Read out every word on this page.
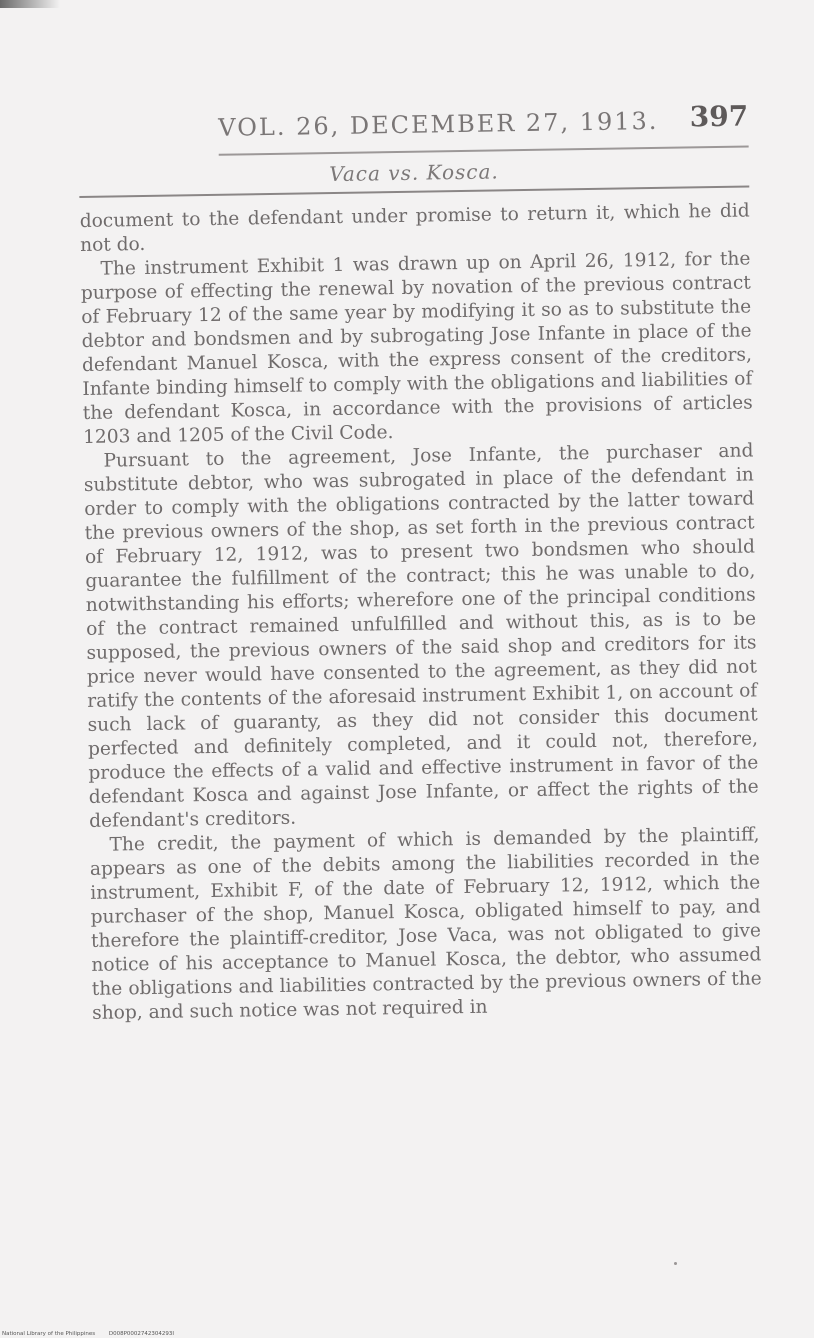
VOL. 26, DECEMBER 27, 1913. 397
Vaca vs. Kosca.

document to the defendant under promise to return it, which he did not do.

The instrument Exhibit 1 was drawn up on April 26, 1912, for the purpose of effecting the renewal by novation of the previous contract of February 12 of the same year by modifying it so as to substitute the debtor and bondsmen and by subrogating Jose Infante in place of the defendant Manuel Kosca, with the express consent of the creditors, Infante binding himself to comply with the obligations and liabilities of the defendant Kosca, in accordance with the provisions of articles 1203 and 1205 of the Civil Code.

Pursuant to the agreement, Jose Infante, the purchaser and substitute debtor, who was subrogated in place of the defendant in order to comply with the obligations contracted by the latter toward the previous owners of the shop, as set forth in the previous contract of February 12, 1912, was to present two bondsmen who should guarantee the fulfillment of the contract; this he was unable to do, notwithstanding his efforts; wherefore one of the principal conditions of the contract remained unfulfilled and without this, as is to be supposed, the previous owners of the said shop and creditors for its price never would have consented to the agreement, as they did not ratify the contents of the aforesaid instrument Exhibit 1, on account of such lack of guaranty, as they did not consider this document perfected and definitely completed, and it could not, therefore, produce the effects of a valid and effective instrument in favor of the defendant Kosca and against Jose Infante, or affect the rights of the defendant's creditors.

The credit, the payment of which is demanded by the plaintiff, appears as one of the debits among the liabilities recorded in the instrument, Exhibit F, of the date of February 12, 1912, which the purchaser of the shop, Manuel Kosca, obligated himself to pay, and therefore the plaintiff-creditor, Jose Vaca, was not obligated to give notice of his acceptance to Manuel Kosca, the debtor, who assumed the obligations and liabilities contracted by the previous owners of the shop, and such notice was not required in

National Library of the Philippines	D008P0002742304293I
